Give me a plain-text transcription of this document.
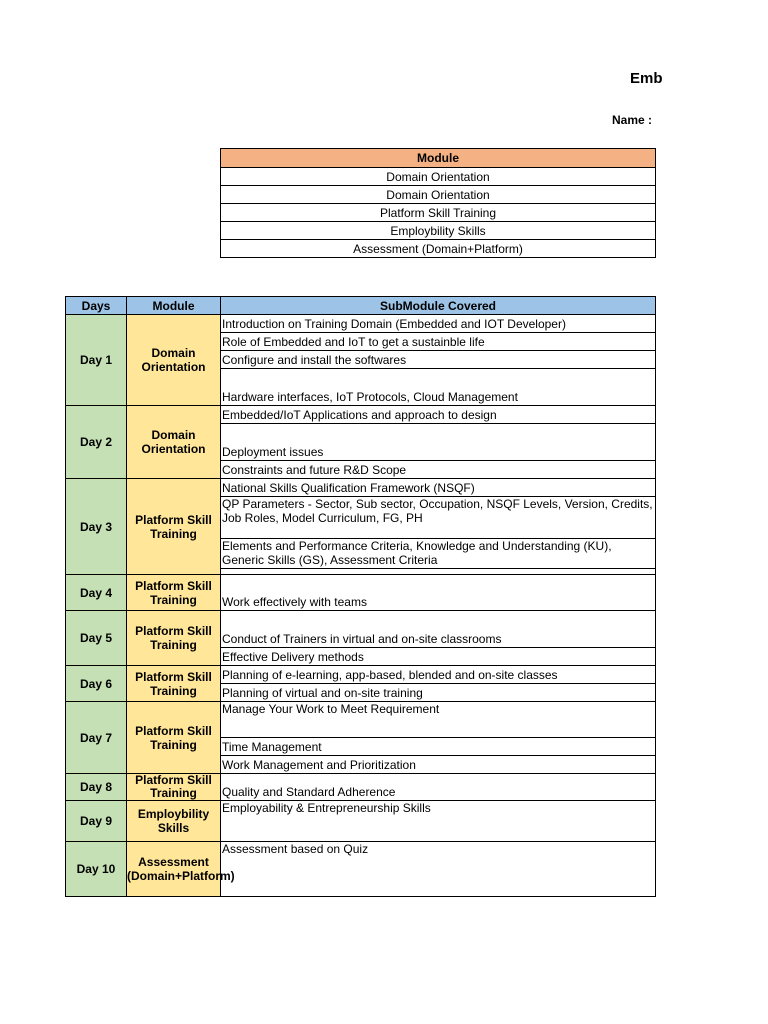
Emb
Name :
Module
Domain Orientation
Domain Orientation
Platform Skill Training
Employbility Skills
Assessment (Domain+Platform)
Days	Module	SubModule Covered
Day 1	Domain Orientation	Introduction on Training Domain (Embedded and IOT Developer)
		Role of Embedded and IoT to get a sustainble life
		Configure and install the softwares
		Hardware interfaces, IoT Protocols, Cloud Management
Day 2	Domain Orientation	Embedded/IoT Applications and approach to design
		Deployment issues
		Constraints and future R&D Scope
Day 3	Platform Skill Training	National Skills Qualification Framework (NSQF)
		QP Parameters - Sector, Sub sector, Occupation, NSQF Levels, Version, Credits, Job Roles, Model Curriculum, FG, PH
		Elements and Performance Criteria, Knowledge and Understanding (KU), Generic Skills (GS), Assessment Criteria

Day 4	Platform Skill Training	Work effectively with teams
Day 5	Platform Skill Training	Conduct of Trainers in virtual and on-site classrooms
		Effective Delivery methods
Day 6	Platform Skill Training	Planning of e-learning, app-based, blended and on-site classes
		Planning of virtual and on-site training
Day 7	Platform Skill Training	Manage Your Work to Meet Requirement
		Time Management
		Work Management and Prioritization
Day 8	Platform Skill Training	Quality and Standard Adherence
Day 9	Employbility Skills	Employability & Entrepreneurship Skills
Day 10	Assessment (Domain+Platform)	Assessment based on Quiz
